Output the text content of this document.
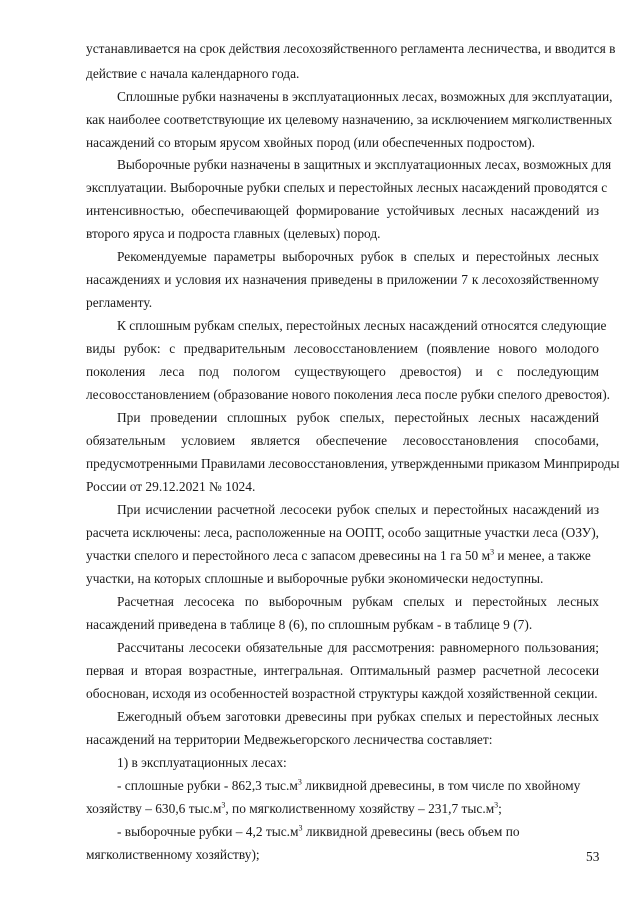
устанавливается на срок действия лесохозяйственного регламента лесничества, и вводится в
действие с начала календарного года.
Сплошные рубки назначены в эксплуатационных лесах, возможных для эксплуатации,
как наиболее соответствующие их целевому назначению, за исключением мягколиственных
насаждений со вторым ярусом хвойных пород (или обеспеченных подростом).
Выборочные рубки назначены в защитных и эксплуатационных лесах, возможных для
эксплуатации. Выборочные рубки спелых и перестойных лесных насаждений проводятся с
интенсивностью, обеспечивающей формирование устойчивых лесных насаждений из
второго яруса и подроста главных (целевых) пород.
Рекомендуемые параметры выборочных рубок в спелых и перестойных лесных
насаждениях и условия их назначения приведены в приложении 7 к лесохозяйственному
регламенту.
К сплошным рубкам спелых, перестойных лесных насаждений относятся следующие
виды рубок: с предварительным лесовосстановлением (появление нового молодого
поколения леса под пологом существующего древостоя) и с последующим
лесовосстановлением (образование нового поколения леса после рубки спелого древостоя).
При проведении сплошных рубок спелых, перестойных лесных насаждений
обязательным условием является обеспечение лесовосстановления способами,
предусмотренными Правилами лесовосстановления, утвержденными приказом Минприроды
России от 29.12.2021 № 1024.
При исчислении расчетной лесосеки рубок спелых и перестойных насаждений из
расчета исключены: леса, расположенные на ООПТ, особо защитные участки леса (ОЗУ),
участки спелого и перестойного леса с запасом древесины на 1 га 50 $м^3$ и менее, а также
участки, на которых сплошные и выборочные рубки экономически недоступны.
Расчетная лесосека по выборочным рубкам спелых и перестойных лесных
насаждений приведена в таблице 8 (6), по сплошным рубкам - в таблице 9 (7).
Рассчитаны лесосеки обязательные для рассмотрения: равномерного пользования;
первая и вторая возрастные, интегральная. Оптимальный размер расчетной лесосеки
обоснован, исходя из особенностей возрастной структуры каждой хозяйственной секции.
Ежегодный объем заготовки древесины при рубках спелых и перестойных лесных
насаждений на территории Медвежьегорского лесничества составляет:
1) в эксплуатационных лесах:
- сплошные рубки - 862,3 $тыс.м^3$ ликвидной древесины, в том числе по хвойному
хозяйству – 630,6 $тыс.м^3$, по мягколиственному хозяйству – 231,7 $тыс.м^3$;
- выборочные рубки – 4,2 $тыс.м^3$ ликвидной древесины (весь объем по
мягколиственному хозяйству);	53
